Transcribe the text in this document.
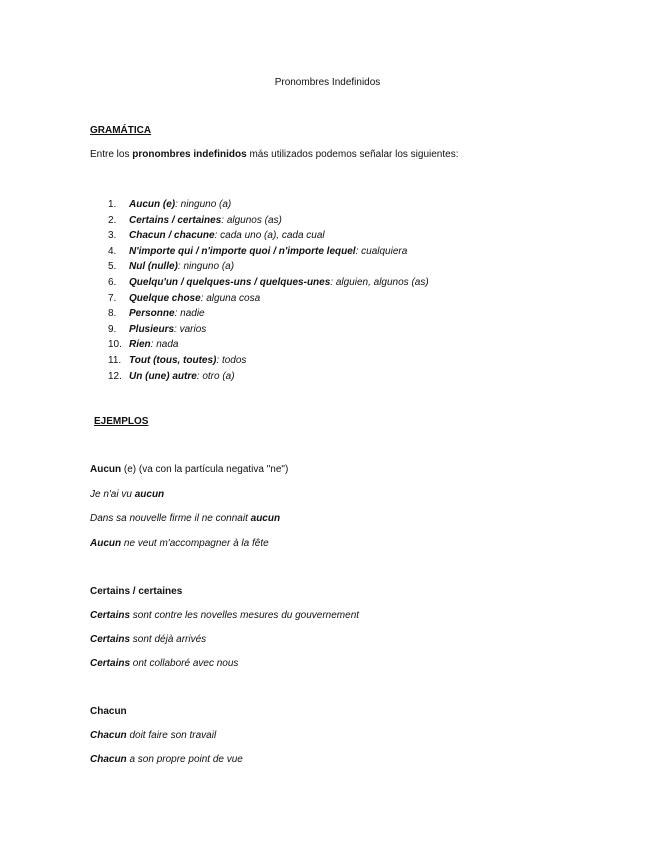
Pronombres Indefinidos
GRAMÁTICA
Entre los pronombres indefinidos más utilizados podemos señalar los siguientes:
1. Aucun (e): ninguno (a)
2. Certains / certaines: algunos (as)
3. Chacun / chacune: cada uno (a), cada cual
4. N'importe qui / n'importe quoi / n'importe lequel: cualquiera
5. Nul (nulle): ninguno (a)
6. Quelqu'un / quelques-uns / quelques-unes: alguien, algunos (as)
7. Quelque chose: alguna cosa
8. Personne: nadie
9. Plusieurs: varios
10. Rien: nada
11. Tout (tous, toutes): todos
12. Un (une) autre: otro (a)
EJEMPLOS
Aucun (e) (va con la partícula negativa "ne")
Je n'ai vu aucun
Dans sa nouvelle firme il ne connait aucun
Aucun ne veut m'accompagner à la fête
Certains / certaines
Certains sont contre les novelles mesures du gouvernement
Certains sont déjà arrivés
Certains ont collaboré avec nous
Chacun
Chacun doit faire son travail
Chacun a son propre point de vue
